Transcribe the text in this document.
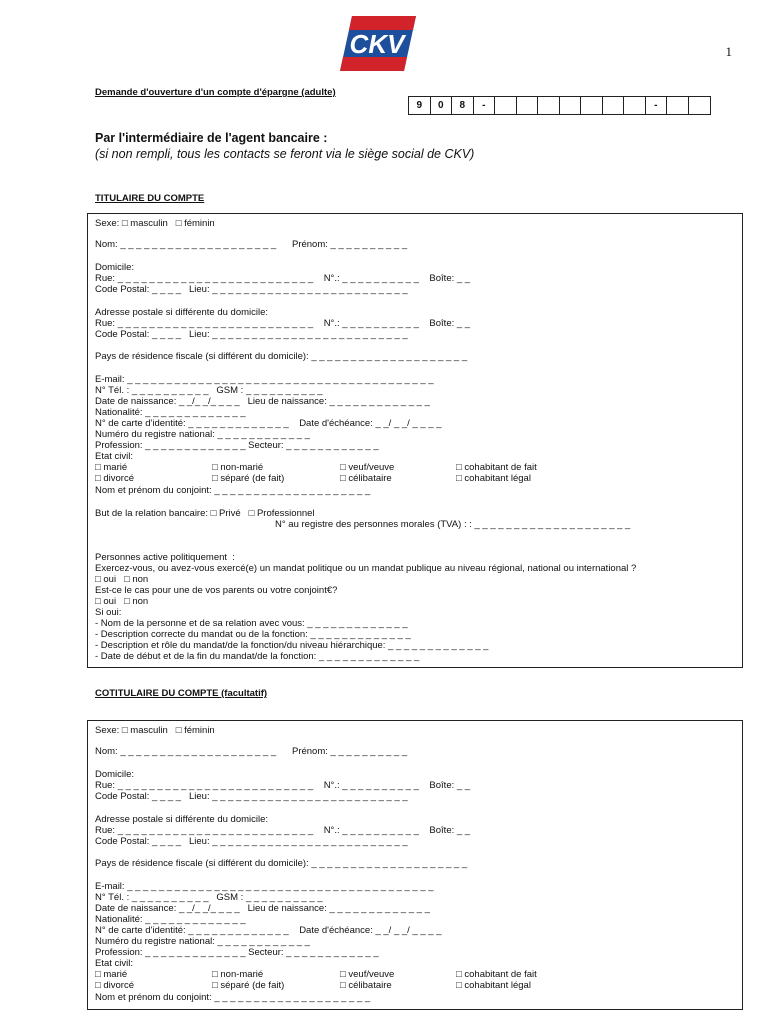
CKV	1
Demande d'ouverture d'un compte d'épargne (adulte)
9	0	8	-	-
Par l'intermédiaire de l'agent bancaire :
(si non rempli, tous les contacts se feront via le siège social de CKV)
TITULAIRE DU COMPTE
Sexe: □ masculin   □ féminin
Nom: _ _ _ _ _ _ _ _ _ _ _ _ _ _ _ _ _ _ _ _      Prénom: _ _ _ _ _ _ _ _ _ _
Domicile:
Rue: _ _ _ _ _ _ _ _ _ _ _ _ _ _ _ _ _ _ _ _ _ _ _ _ _    N°.: _ _ _ _ _ _ _ _ _ _    Boîte: _ _
Code Postal: _ _ _ _   Lieu: _ _ _ _ _ _ _ _ _ _ _ _ _ _ _ _ _ _ _ _ _ _ _ _ _
Adresse postale si différente du domicile:
Rue: _ _ _ _ _ _ _ _ _ _ _ _ _ _ _ _ _ _ _ _ _ _ _ _ _    N°.: _ _ _ _ _ _ _ _ _ _    Boîte: _ _
Code Postal: _ _ _ _   Lieu: _ _ _ _ _ _ _ _ _ _ _ _ _ _ _ _ _ _ _ _ _ _ _ _ _
Pays de résidence fiscale (si différent du domicile): _ _ _ _ _ _ _ _ _ _ _ _ _ _ _ _ _ _ _ _
E-mail: _ _ _ _ _ _ _ _ _ _ _ _ _ _ _ _ _ _ _ _ _ _ _ _ _ _ _ _ _ _ _ _ _ _ _ _ _ _ _
N° Tél. : _ _ _ _ _ _ _ _ _ _   GSM : _ _ _ _ _ _ _ _ _ _
Date de naissance: _ _/_ _/_ _ _ _   Lieu de naissance: _ _ _ _ _ _ _ _ _ _ _ _ _
Nationalité: _ _ _ _ _ _ _ _ _ _ _ _ _
N° de carte d'identité: _ _ _ _ _ _ _ _ _ _ _ _ _    Date d'échéance: _ _/ _ _/ _ _ _ _
Numéro du registre national: _ _ _ _ _ _ _ _ _ _ _ _
Profession: _ _ _ _ _ _ _ _ _ _ _ _ _ Secteur: _ _ _ _ _ _ _ _ _ _ _ _
Etat civil:
□ marié
□ divorcé
□ non-marié
□ séparé (de fait)
□ veuf/veuve
□ célibataire
□ cohabitant de fait
□ cohabitant légal
Nom et prénom du conjoint: _ _ _ _ _ _ _ _ _ _ _ _ _ _ _ _ _ _ _ _
But de la relation bancaire: □ Privé   □ Professionnel
N° au registre des personnes morales (TVA) : : _ _ _ _ _ _ _ _ _ _ _ _ _ _ _ _ _ _ _ _
Personnes active politiquement  :
Exercez-vous, ou avez-vous exercé(e) un mandat politique ou un mandat publique au niveau régional, national ou international ?
□ oui   □ non
Est-ce le cas pour une de vos parents ou votre conjoint€?
□ oui   □ non
Si oui:
- Nom de la personne et de sa relation avec vous: _ _ _ _ _ _ _ _ _ _ _ _ _
- Description correcte du mandat ou de la fonction: _ _ _ _ _ _ _ _ _ _ _ _ _
- Description et rôle du mandat/de la fonction/du niveau hiérarchique: _ _ _ _ _ _ _ _ _ _ _ _ _
- Date de début et de la fin du mandat/de la fonction: _ _ _ _ _ _ _ _ _ _ _ _ _
COTITULAIRE DU COMPTE (facultatif)
Sexe: □ masculin   □ féminin
Nom: _ _ _ _ _ _ _ _ _ _ _ _ _ _ _ _ _ _ _ _      Prénom: _ _ _ _ _ _ _ _ _ _
Domicile:
Rue: _ _ _ _ _ _ _ _ _ _ _ _ _ _ _ _ _ _ _ _ _ _ _ _ _    N°.: _ _ _ _ _ _ _ _ _ _    Boîte: _ _
Code Postal: _ _ _ _   Lieu: _ _ _ _ _ _ _ _ _ _ _ _ _ _ _ _ _ _ _ _ _ _ _ _ _
Adresse postale si différente du domicile:
Rue: _ _ _ _ _ _ _ _ _ _ _ _ _ _ _ _ _ _ _ _ _ _ _ _ _    N°.: _ _ _ _ _ _ _ _ _ _    Boîte: _ _
Code Postal: _ _ _ _   Lieu: _ _ _ _ _ _ _ _ _ _ _ _ _ _ _ _ _ _ _ _ _ _ _ _ _
Pays de résidence fiscale (si différent du domicile): _ _ _ _ _ _ _ _ _ _ _ _ _ _ _ _ _ _ _ _
E-mail: _ _ _ _ _ _ _ _ _ _ _ _ _ _ _ _ _ _ _ _ _ _ _ _ _ _ _ _ _ _ _ _ _ _ _ _ _ _ _
N° Tél. : _ _ _ _ _ _ _ _ _ _   GSM : _ _ _ _ _ _ _ _ _ _
Date de naissance: _ _/_ _/_ _ _ _   Lieu de naissance: _ _ _ _ _ _ _ _ _ _ _ _ _
Nationalité: _ _ _ _ _ _ _ _ _ _ _ _ _
N° de carte d'identité: _ _ _ _ _ _ _ _ _ _ _ _ _    Date d'échéance: _ _/ _ _/ _ _ _ _
Numéro du registre national: _ _ _ _ _ _ _ _ _ _ _ _
Profession: _ _ _ _ _ _ _ _ _ _ _ _ _ Secteur: _ _ _ _ _ _ _ _ _ _ _ _
Etat civil:
□ marié
□ divorcé
□ non-marié
□ séparé (de fait)
□ veuf/veuve
□ célibataire
□ cohabitant de fait
□ cohabitant légal
Nom et prénom du conjoint: _ _ _ _ _ _ _ _ _ _ _ _ _ _ _ _ _ _ _ _
